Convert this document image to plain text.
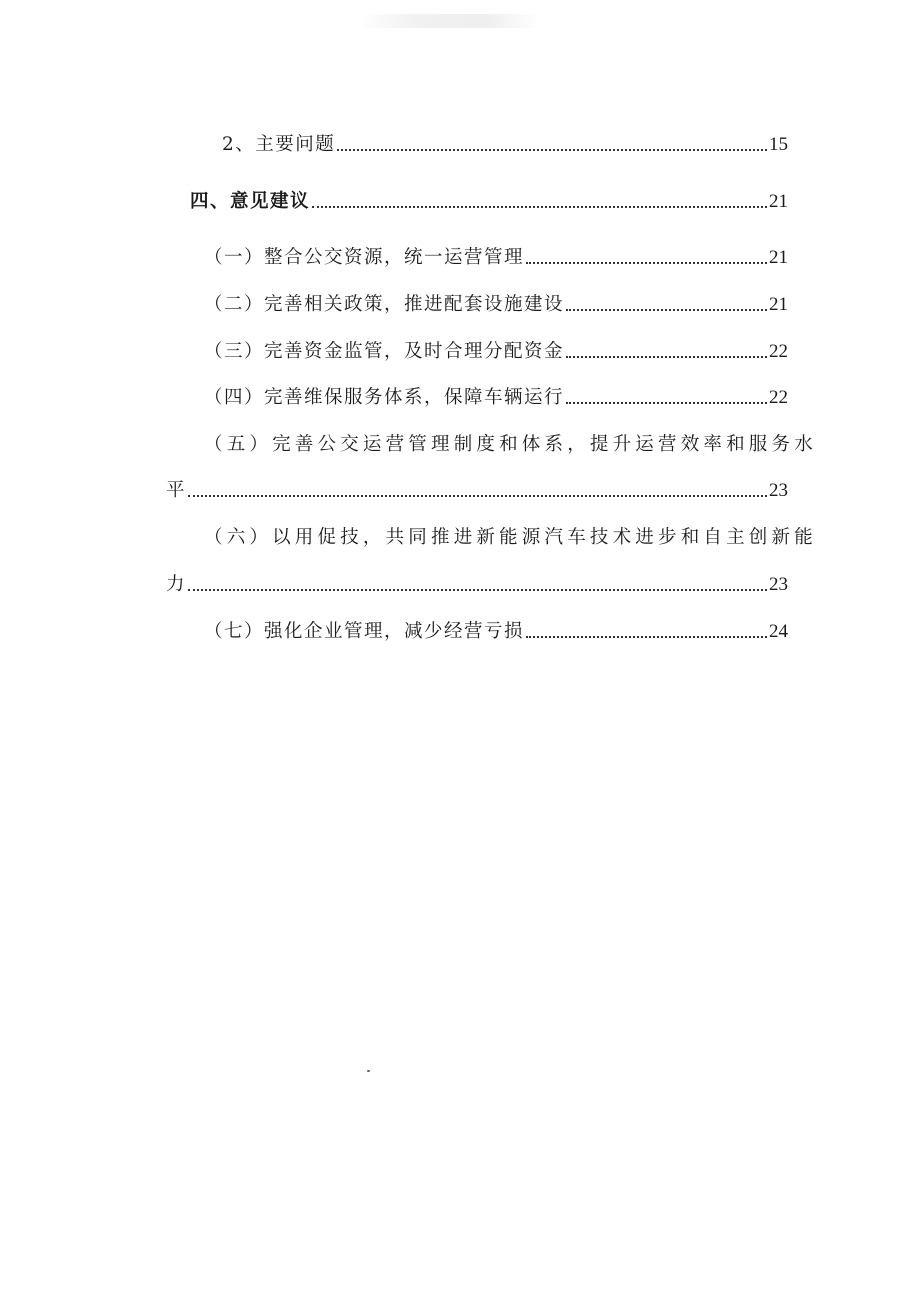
2、主要问题	15
四、意见建议	21
（一）整合公交资源，统一运营管理	21
（二）完善相关政策，推进配套设施建设	21
（三）完善资金监管，及时合理分配资金	22
（四）完善维保服务体系，保障车辆运行	22
（五）完善公交运营管理制度和体系，提升运营效率和服务水
平	23
（六）以用促技，共同推进新能源汽车技术进步和自主创新能
力	23
（七）强化企业管理，减少经营亏损	24
